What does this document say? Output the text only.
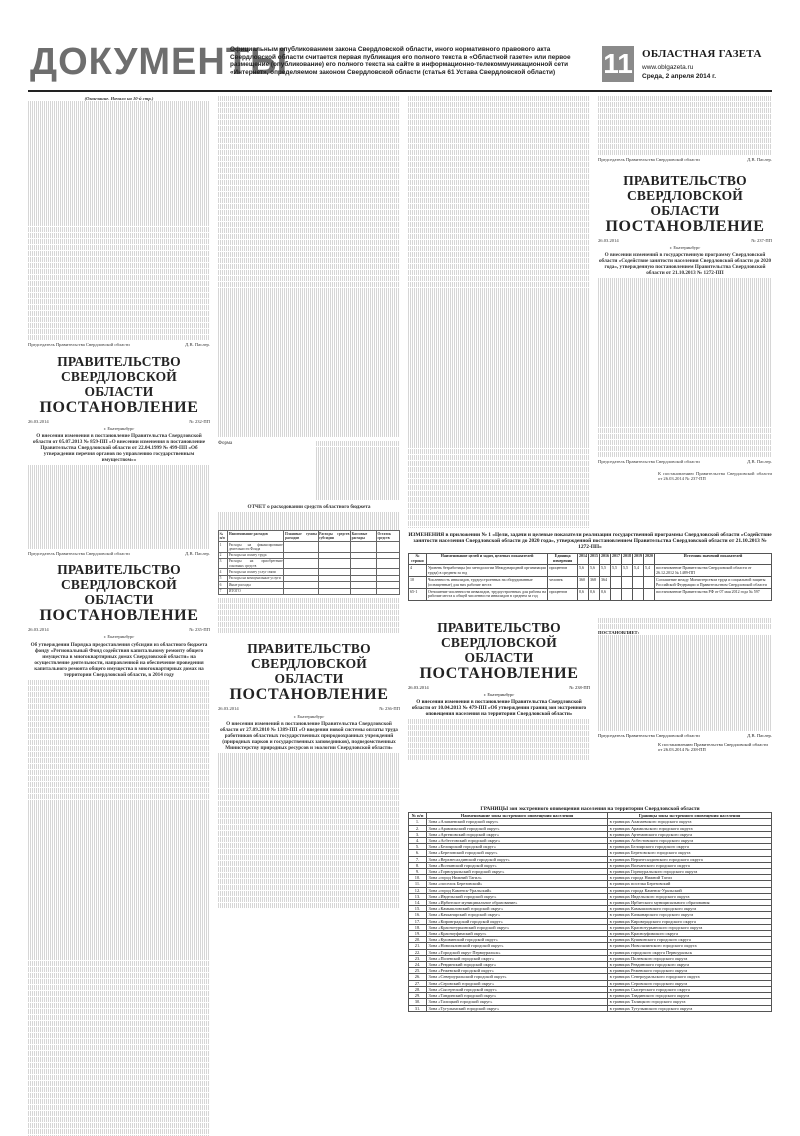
ДОКУМЕНТЫ
Официальным опубликованием закона Свердловской области, иного нормативного правового акта Свердловской области считается первая публикация его полного текста в «Областной газете» или первое размещение (опубликование) его полного текста на сайте в информационно-телекоммуникационной сети «Интернет», определяемом законом Свердловской области (статья 61 Устава Свердловской области)	11 ОБЛАСТНАЯ ГАЗЕТА
www.oblgazeta.ru
Среда, 2 апреля 2014 г.
(Окончание. Начало на 10-й стр.)
Председатель Правительства Свердловской области	Д.В. Паслер.
ПРАВИТЕЛЬСТВО
СВЕРДЛОВСКОЙ ОБЛАСТИ
ПОСТАНОВЛЕНИЕ
26.03.2014	№ 232-ПП
г. Екатеринбург
О внесении изменения в постановление Правительства Свердловской области от 05.07.2013 № 859-ПП «О внесении изменения в постановление Правительства Свердловской области от 22.04.1999 № 499-ПП «Об утверждении перечня органов по управлению государственным имуществом»»
Председатель Правительства Свердловской области	Д.В. Паслер.
ПРАВИТЕЛЬСТВО
СВЕРДЛОВСКОЙ ОБЛАСТИ
ПОСТАНОВЛЕНИЕ
26.03.2014	№ 235-ПП
г. Екатеринбург
Об утверждении Порядка предоставления субсидии из областного бюджета фонду «Региональный Фонд содействия капитальному ремонту общего имущества в многоквартирных домах Свердловской области» на осуществление деятельности, направленной на обеспечение проведения капитального ремонта общего имущества в многоквартирных домах на территории Свердловской области, в 2014 году
Форма
ОТЧЕТ о расходовании средств областного бюджета
№ п/п	Наименование расходов	Плановые суммы расходов	Расходы средств субсидии	Кассовые расходы	Остаток средств
1	Расходы на финансирование деятельности Фонда				
2	Расходы на оплату труда				
3	Расходы на приобретение основных средств				
4	Расходы на оплату услуг связи				
5	Расходы на коммунальные услуги				
6	Иные расходы				
7	ИТОГО				
ПРАВИТЕЛЬСТВО
СВЕРДЛОВСКОЙ ОБЛАСТИ
ПОСТАНОВЛЕНИЕ
26.03.2014	№ 236-ПП
г. Екатеринбург
О внесении изменений в постановление Правительства Свердловской области от 27.09.2010 № 1389-ПП «О введении новой системы оплаты труда работников областных государственных природоохранных учреждений (природных парков и государственных заповедников), подведомственных Министерству природных ресурсов и экологии Свердловской области»
Председатель Правительства Свердловской области	Д.В. Паслер.
ПРАВИТЕЛЬСТВО
СВЕРДЛОВСКОЙ ОБЛАСТИ
ПОСТАНОВЛЕНИЕ
26.03.2014	№ 237-ПП
г. Екатеринбург
О внесении изменений в государственную программу Свердловской области «Содействие занятости населения Свердловской области до 2020 года», утвержденную постановлением Правительства Свердловской области от 21.10.2013 № 1272-ПП
Председатель Правительства Свердловской области	Д.В. Паслер.
К постановлению Правительства Свердловской области от 26.03.2014 № 237-ПП
ИЗМЕНЕНИЯ в приложении № 1 «Цели, задачи и целевые показатели реализации государственной программы Свердловской области «Содействие занятости населения Свердловской области до 2020 года», утвержденной постановлением Правительства Свердловской области от 21.10.2013 № 1272-ПП»
№ строки	Наименование целей и задач, целевых показателей	Единица измерения	2014	2015	2016	2017	2018	2019	2020	Источник значений показателей
4	Уровень безработицы (по методологии Международной организации труда) в среднем за год	процентов	5,6	5,6	5,5	5,5	5,5	5,4	5,4	постановление Правительства Свердловской области от 26.12.2012 № 1489-ПП
10	Численность инвалидов, трудоустроенных на оборудованные (оснащенные) для них рабочие места	человек	360	368	364					Соглашение между Министерством труда и социальной защиты Российской Федерации и Правительством Свердловской области
65-1	Отношение численности инвалидов, трудоустроенных для работы на рабочие места к общей численности инвалидов в среднем за год	процентов	0,6	0,6	0,6					постановление Правительства РФ от 07 мая 2012 года № 597
ПРАВИТЕЛЬСТВО
СВЕРДЛОВСКОЙ ОБЛАСТИ
ПОСТАНОВЛЕНИЕ
26.03.2014	№ 238-ПП
г. Екатеринбург
О внесении изменения в постановление Правительства Свердловской области от 10.04.2013 № 479-ПП «Об утверждении границ зон экстренного оповещения населения на территории Свердловской области»
ПОСТАНОВЛЯЕТ:
Председатель Правительства Свердловской области	Д.В. Паслер.
К постановлению Правительства Свердловской области от 26.03.2014 № 238-ПП
ГРАНИЦЫ зон экстренного оповещения населения на территории Свердловской области
№ п/п	Наименование зоны экстренного оповещения населения	Границы зоны экстренного оповещения населения
1.	Зона «Алапаевский городской округ»	в границах Алапаевского городского округа
2.	Зона «Арамильский городской округ»	в границах Арамильского городского округа
3.	Зона «Артемовский городской округ»	в границах Артемовского городского округа
4.	Зона «Асбестовский городской округ»	в границах Асбестовского городского округа
5.	Зона «Белоярский городской округ»	в границах Белоярского городского округа
6.	Зона «Березовский городской округ»	в границах Березовского городского округа
7.	Зона «Верхнесалдинский городской округ»	в границах Верхнесалдинского городского округа
8.	Зона «Волчанский городской округ»	в границах Волчанского городского округа
9.	Зона «Горноуральский городской округ»	в границах Горноуральского городского округа
10.	Зона «город Нижний Тагил»	в границах города Нижний Тагил
11.	Зона «поселок Березовский»	в границах поселка Березовский
12.	Зона «город Каменск-Уральский»	в границах города Каменск-Уральский
13.	Зона «Ивдельский городской округ»	в границах Ивдельского городского округа
14.	Зона «Ирбитское муниципальное образование»	в границах Ирбитского муниципального образования
15.	Зона «Камышловский городской округ»	в границах Камышловского городского округа
16.	Зона «Качканарский городской округ»	в границах Качканарского городского округа
17.	Зона «Кировградский городской округ»	в границах Кировградского городского округа
18.	Зона «Краснотурьинский городской округ»	в границах Краснотурьинского городского округа
19.	Зона «Красноуфимский округ»	в границах Красноуфимского округа
20.	Зона «Кушвинский городской округ»	в границах Кушвинского городского округа
21.	Зона «Новолялинский городской округ»	в границах Новолялинского городского округа
22.	Зона «Городской округ Первоуральск»	в границах городского округа Первоуральск
23.	Зона «Полевской городской округ»	в границах Полевского городского округа
24.	Зона «Ревдинский городской округ»	в границах Ревдинского городского округа
25.	Зона «Режевской городской округ»	в границах Режевского городского округа
26.	Зона «Североуральский городской округ»	в границах Североуральского городского округа
27.	Зона «Серовский городской округ»	в границах Серовского городского округа
28.	Зона «Сысертский городской округ»	в границах Сысертского городского округа
29.	Зона «Тавдинский городской округ»	в границах Тавдинского городского округа
30.	Зона «Талицкий городской округ»	в границах Талицкого городского округа
31.	Зона «Тугулымский городской округ»	в границах Тугулымского городского округа
